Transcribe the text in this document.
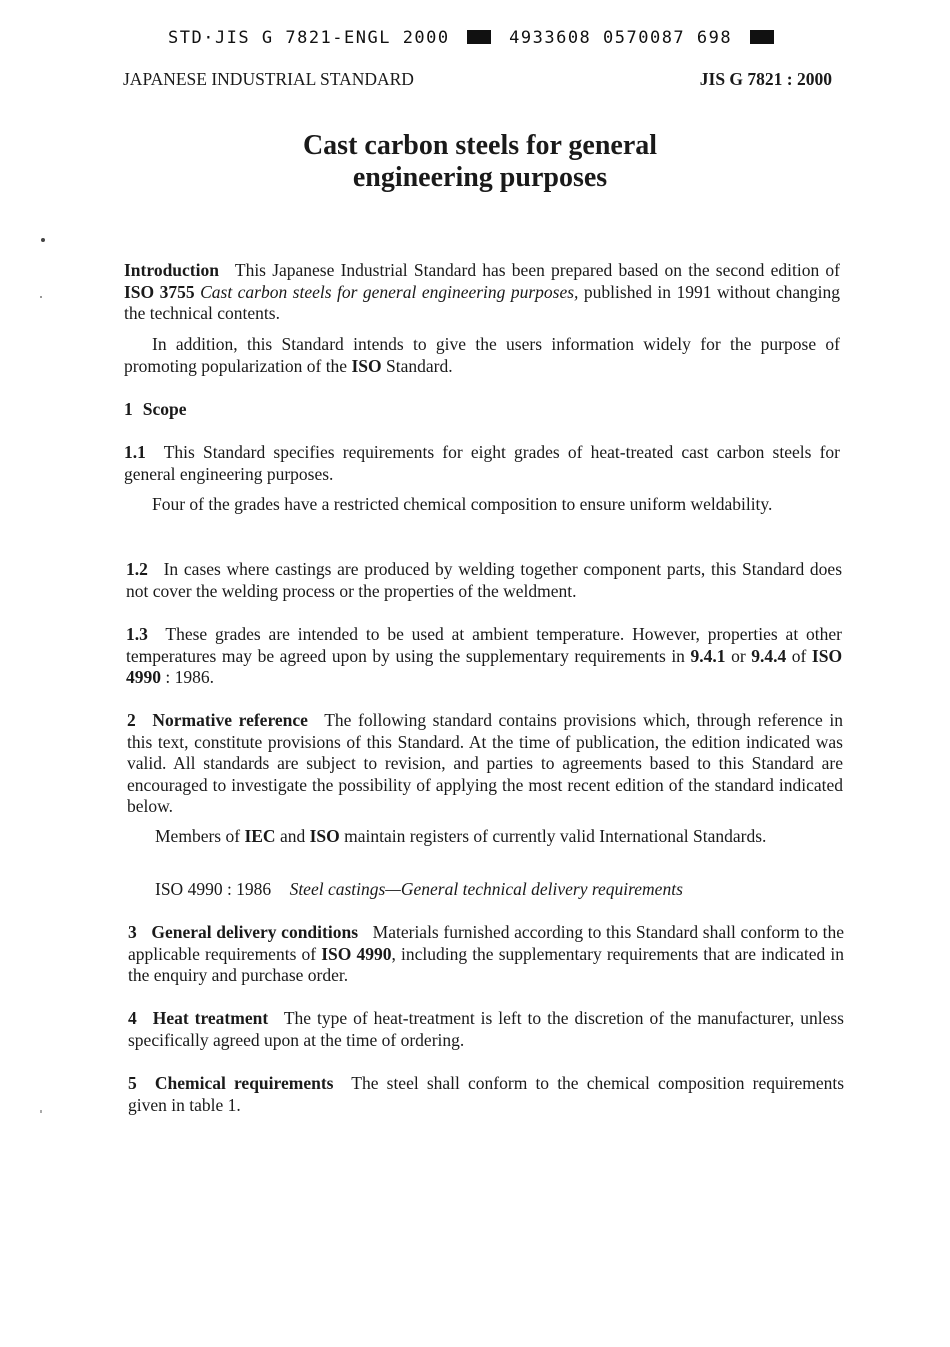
STD·JIS G 7821-ENGL 2000	4933608 0570087 698
JAPANESE INDUSTRIAL STANDARD	JIS G 7821 : 2000
Cast carbon steels for general
engineering purposes
Introduction This Japanese Industrial Standard has been prepared based on the second edition of ISO 3755 Cast carbon steels for general engineering purposes, published in 1991 without changing the technical contents.
In addition, this Standard intends to give the users information widely for the purpose of promoting popularization of the ISO Standard.
1 Scope
1.1 This Standard specifies requirements for eight grades of heat-treated cast carbon steels for general engineering purposes.
Four of the grades have a restricted chemical composition to ensure uniform weldability.
1.2 In cases where castings are produced by welding together component parts, this Standard does not cover the welding process or the properties of the weldment.
1.3 These grades are intended to be used at ambient temperature. However, properties at other temperatures may be agreed upon by using the supplementary requirements in 9.4.1 or 9.4.4 of ISO 4990 : 1986.
2 Normative reference The following standard contains provisions which, through reference in this text, constitute provisions of this Standard. At the time of publication, the edition indicated was valid. All standards are subject to revision, and parties to agreements based to this Standard are encouraged to investigate the possibility of applying the most recent edition of the standard indicated below.
Members of IEC and ISO maintain registers of currently valid International Standards.
ISO 4990 : 1986 Steel castings—General technical delivery requirements
3 General delivery conditions Materials furnished according to this Standard shall conform to the applicable requirements of ISO 4990, including the supplementary requirements that are indicated in the enquiry and purchase order.
4 Heat treatment The type of heat-treatment is left to the discretion of the manufacturer, unless specifically agreed upon at the time of ordering.
5 Chemical requirements The steel shall conform to the chemical composition requirements given in table 1.
